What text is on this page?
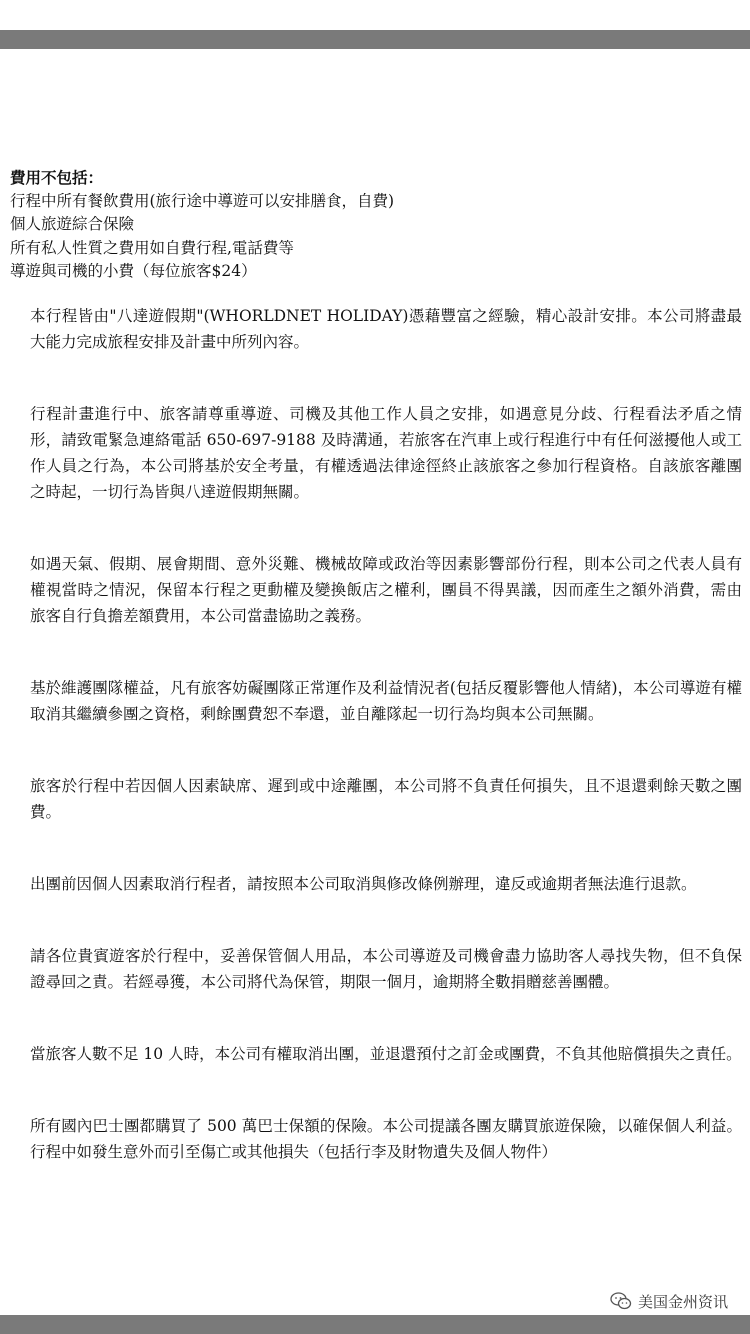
費用不包括：
行程中所有餐飲費用(旅行途中導遊可以安排膳食，自費)
個人旅遊綜合保險
所有私人性質之費用如自費行程,電話費等
導遊與司機的小費（每位旅客$24）

本行程皆由"八達遊假期"(WHORLDNET HOLIDAY)憑藉豐富之經驗，精心設計安排。本公司將盡最大能力完成旅程安排及計畫中所列內容。

行程計畫進行中、旅客請尊重導遊、司機及其他工作人員之安排，如遇意見分歧、行程看法矛盾之情形，請致電緊急連絡電話 650-697-9188 及時溝通，若旅客在汽車上或行程進行中有任何滋擾他人或工作人員之行為，本公司將基於安全考量，有權透過法律途徑終止該旅客之參加行程資格。自該旅客離團之時起，一切行為皆與八達遊假期無關。

如遇天氣、假期、展會期間、意外災難、機械故障或政治等因素影響部份行程，則本公司之代表人員有權視當時之情況，保留本行程之更動權及變換飯店之權利，團員不得異議，因而產生之額外消費，需由旅客自行負擔差額費用，本公司當盡協助之義務。

基於維護團隊權益，凡有旅客妨礙團隊正常運作及利益情況者(包括反覆影響他人情緒)，本公司導遊有權取消其繼續參團之資格，剩餘團費恕不奉還，並自離隊起一切行為均與本公司無關。

旅客於行程中若因個人因素缺席、遲到或中途離團，本公司將不負責任何損失，且不退還剩餘天數之團費。

出團前因個人因素取消行程者，請按照本公司取消與修改條例辦理，違反或逾期者無法進行退款。

請各位貴賓遊客於行程中，妥善保管個人用品，本公司導遊及司機會盡力協助客人尋找失物，但不負保證尋回之責。若經尋獲，本公司將代為保管，期限一個月，逾期將全數捐贈慈善團體。

當旅客人數不足 10 人時，本公司有權取消出團，並退還預付之訂金或團費，不負其他賠償損失之責任。

所有國內巴士團都購買了 500 萬巴士保額的保險。本公司提議各團友購買旅遊保險，以確保個人利益。行程中如發生意外而引至傷亡或其他損失（包括行李及財物遺失及個人物件）

美国金州资讯
